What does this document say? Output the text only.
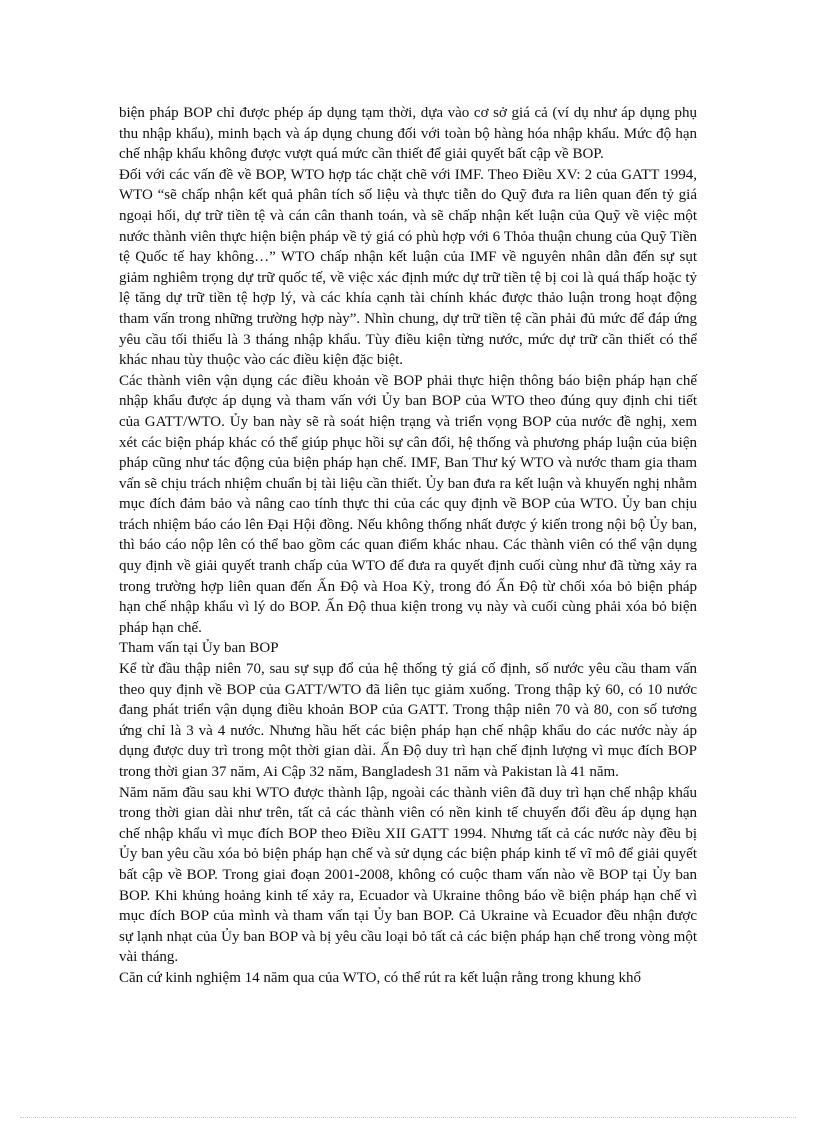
biện pháp BOP chỉ được phép áp dụng tạm thời, dựa vào cơ sở giá cả (ví dụ như áp dụng phụ thu nhập khẩu), minh bạch và áp dụng chung đối với toàn bộ hàng hóa nhập khẩu. Mức độ hạn chế nhập khẩu không được vượt quá mức cần thiết để giải quyết bất cập về BOP.

Đối với các vấn đề về BOP, WTO hợp tác chặt chẽ với IMF. Theo Điều XV: 2 của GATT 1994, WTO “sẽ chấp nhận kết quả phân tích số liệu và thực tiễn do Quỹ đưa ra liên quan đến tỷ giá ngoại hối, dự trữ tiền tệ và cán cân thanh toán, và sẽ chấp nhận kết luận của Quỹ về việc một nước thành viên thực hiện biện pháp về tỷ giá có phù hợp với 6 Thỏa thuận chung của Quỹ Tiền tệ Quốc tế hay không…” WTO chấp nhận kết luận của IMF về nguyên nhân dẫn đến sự sụt giảm nghiêm trọng dự trữ quốc tế, về việc xác định mức dự trữ tiền tệ bị coi là quá thấp hoặc tỷ lệ tăng dự trữ tiền tệ hợp lý, và các khía cạnh tài chính khác được thảo luận trong hoạt động tham vấn trong những trường hợp này”. Nhìn chung, dự trữ tiền tệ cần phải đủ mức để đáp ứng yêu cầu tối thiểu là 3 tháng nhập khẩu. Tùy điều kiện từng nước, mức dự trữ cần thiết có thể khác nhau tùy thuộc vào các điều kiện đặc biệt.

Các thành viên vận dụng các điều khoản về BOP phải thực hiện thông báo biện pháp hạn chế nhập khẩu được áp dụng và tham vấn với Ủy ban BOP của WTO theo đúng quy định chi tiết của GATT/WTO. Ủy ban này sẽ rà soát hiện trạng và triển vọng BOP của nước đề nghị, xem xét các biện pháp khác có thể giúp phục hồi sự cân đối, hệ thống và phương pháp luận của biện pháp cũng như tác động của biện pháp hạn chế. IMF, Ban Thư ký WTO và nước tham gia tham vấn sẽ chịu trách nhiệm chuẩn bị tài liệu cần thiết. Ủy ban đưa ra kết luận và khuyến nghị nhằm mục đích đảm bảo và nâng cao tính thực thi của các quy định về BOP của WTO. Ủy ban chịu trách nhiệm báo cáo lên Đại Hội đồng. Nếu không thống nhất được ý kiến trong nội bộ Ủy ban, thì báo cáo nộp lên có thể bao gồm các quan điểm khác nhau. Các thành viên có thể vận dụng quy định về giải quyết tranh chấp của WTO để đưa ra quyết định cuối cùng như đã từng xảy ra trong trường hợp liên quan đến Ấn Độ và Hoa Kỳ, trong đó Ấn Độ từ chối xóa bỏ biện pháp hạn chế nhập khẩu vì lý do BOP. Ấn Độ thua kiện trong vụ này và cuối cùng phải xóa bỏ biện pháp hạn chế.

Tham vấn tại Ủy ban BOP

Kể từ đầu thập niên 70, sau sự sụp đổ của hệ thống tỷ giá cố định, số nước yêu cầu tham vấn theo quy định về BOP của GATT/WTO đã liên tục giảm xuống. Trong thập kỷ 60, có 10 nước đang phát triển vận dụng điều khoản BOP của GATT. Trong thập niên 70 và 80, con số tương ứng chỉ là 3 và 4 nước. Nhưng hầu hết các biện pháp hạn chế nhập khẩu do các nước này áp dụng được duy trì trong một thời gian dài. Ấn Độ duy trì hạn chế định lượng vì mục đích BOP trong thời gian 37 năm, Ai Cập 32 năm, Bangladesh 31 năm và Pakistan là 41 năm.

Năm năm đầu sau khi WTO được thành lập, ngoài các thành viên đã duy trì hạn chế nhập khẩu trong thời gian dài như trên, tất cả các thành viên có nền kinh tế chuyển đổi đều áp dụng hạn chế nhập khẩu vì mục đích BOP theo Điều XII GATT 1994. Nhưng tất cả các nước này đều bị Ủy ban yêu cầu xóa bỏ biện pháp hạn chế và sử dụng các biện pháp kinh tế vĩ mô để giải quyết bất cập về BOP. Trong giai đoạn 2001-2008, không có cuộc tham vấn nào về BOP tại Ủy ban BOP. Khi khủng hoảng kinh tế xảy ra, Ecuador và Ukraine thông báo về biện pháp hạn chế vì mục đích BOP của mình và tham vấn tại Ủy ban BOP. Cả Ukraine và Ecuador đều nhận được sự lạnh nhạt của Ủy ban BOP và bị yêu cầu loại bỏ tất cả các biện pháp hạn chế trong vòng một vài tháng.

Căn cứ kinh nghiệm 14 năm qua của WTO, có thể rút ra kết luận rằng trong khung khổ
